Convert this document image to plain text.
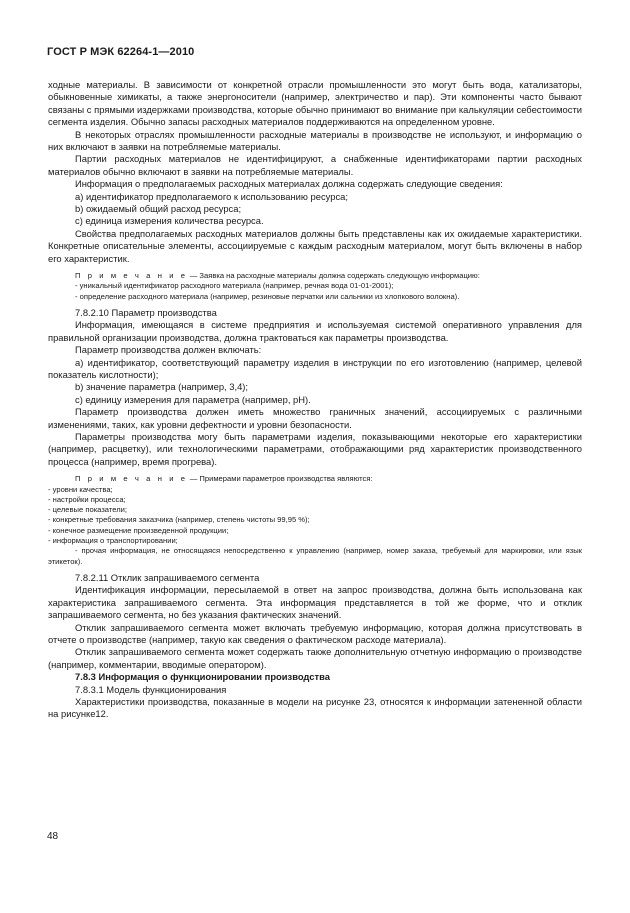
ГОСТ Р МЭК 62264-1—2010

ходные материалы. В зависимости от конкретной отрасли промышленности это могут быть вода, катализаторы, обыкновенные химикаты, а также энергоносители (например, электричество и пар). Эти компоненты часто бывают связаны с прямыми издержками производства, которые обычно принимают во внимание при калькуляции себестоимости сегмента изделия. Обычно запасы расходных материалов поддерживаются на определенном уровне.

В некоторых отраслях промышленности расходные материалы в производстве не используют, и информацию о них включают в заявки на потребляемые материалы.

Партии расходных материалов не идентифицируют, а снабженные идентификаторами партии расходных материалов обычно включают в заявки на потребляемые материалы.

Информация о предполагаемых расходных материалах должна содержать следующие сведения:

а) идентификатор предполагаемого к использованию ресурса;

b) ожидаемый общий расход ресурса;

c) единица измерения количества ресурса.

Свойства предполагаемых расходных материалов должны быть представлены как их ожидаемые характеристики. Конкретные описательные элементы, ассоциируемые с каждым расходным материалом, могут быть включены в набор его характеристик.

П р и м е ч а н и е — Заявка на расходные материалы должна содержать следующую информацию:

- уникальный идентификатор расходного материала (например, речная вода 01-01-2001);

- определение расходного материала (например, резиновые перчатки или сальники из хлопкового волокна).

7.8.2.10 Параметр производства

Информация, имеющаяся в системе предприятия и используемая системой оперативного управления для правильной организации производства, должна трактоваться как параметры производства.

Параметр производства должен включать:

а) идентификатор, соответствующий параметру изделия в инструкции по его изготовлению (например, целевой показатель кислотности);

b) значение параметра (например, 3,4);

c) единицу измерения для параметра (например, рН).

Параметр производства должен иметь множество граничных значений, ассоциируемых с различными изменениями, таких, как уровни дефектности и уровни безопасности.

Параметры производства могу быть параметрами изделия, показывающими некоторые его характеристики (например, расцветку), или технологическими параметрами, отображающими ряд характеристик производственного процесса (например, время прогрева).

П р и м е ч а н и е — Примерами параметров производства являются:

- уровни качества;

- настройки процесса;

- целевые показатели;

- конкретные требования заказчика (например, степень чистоты 99,95 %);

- конечное размещение произведенной продукции;

- информация о транспортировании;

- прочая информация, не относящаяся непосредственно к управлению (например, номер заказа, требуемый для маркировки, или язык этикеток).

7.8.2.11 Отклик запрашиваемого сегмента

Идентификация информации, пересылаемой в ответ на запрос производства, должна быть использована как характеристика запрашиваемого сегмента. Эта информация представляется в той же форме, что и отклик запрашиваемого сегмента, но без указания фактических значений.

Отклик запрашиваемого сегмента может включать требуемую информацию, которая должна присутствовать в отчете о производстве (например, такую как сведения о фактическом расходе материала).

Отклик запрашиваемого сегмента может содержать также дополнительную отчетную информацию о производстве (например, комментарии, вводимые оператором).

7.8.3 Информация о функционировании производства

7.8.3.1 Модель функционирования

Характеристики производства, показанные в модели на рисунке 23, относятся к информации затененной области на рисунке12.

48
